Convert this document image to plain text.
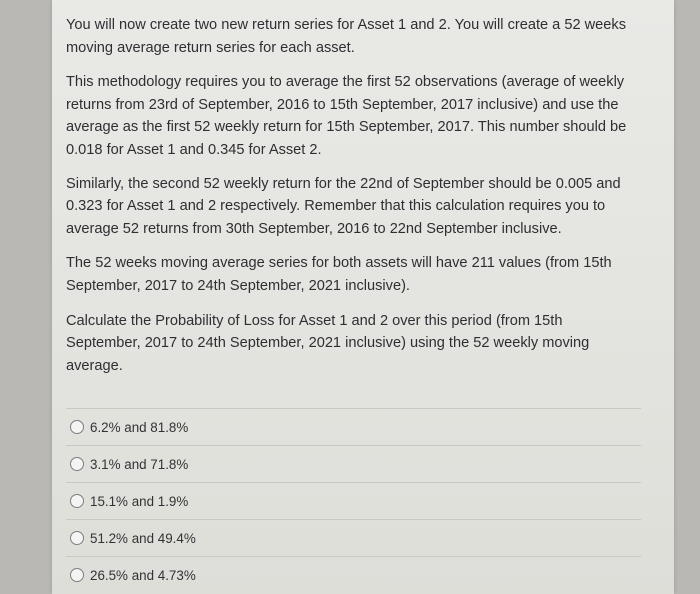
You will now create two new return series for Asset 1 and 2. You will create a 52 weeks moving average return series for each asset.

This methodology requires you to average the first 52 observations (average of weekly returns from 23rd of September, 2016 to 15th September, 2017 inclusive) and use the average as the first 52 weekly return for 15th September, 2017. This number should be 0.018 for Asset 1 and 0.345 for Asset 2.

Similarly, the second 52 weekly return for the 22nd of September should be 0.005 and 0.323 for Asset 1 and 2 respectively. Remember that this calculation requires you to average 52 returns from 30th September, 2016 to 22nd September inclusive.

The 52 weeks moving average series for both assets will have 211 values (from 15th September, 2017 to 24th September, 2021 inclusive).

Calculate the Probability of Loss for Asset 1 and 2 over this period (from 15th September, 2017 to 24th September, 2021 inclusive) using the 52 weekly moving average.

6.2% and 81.8%
3.1% and 71.8%
15.1% and 1.9%
51.2% and 49.4%
26.5% and 4.73%
